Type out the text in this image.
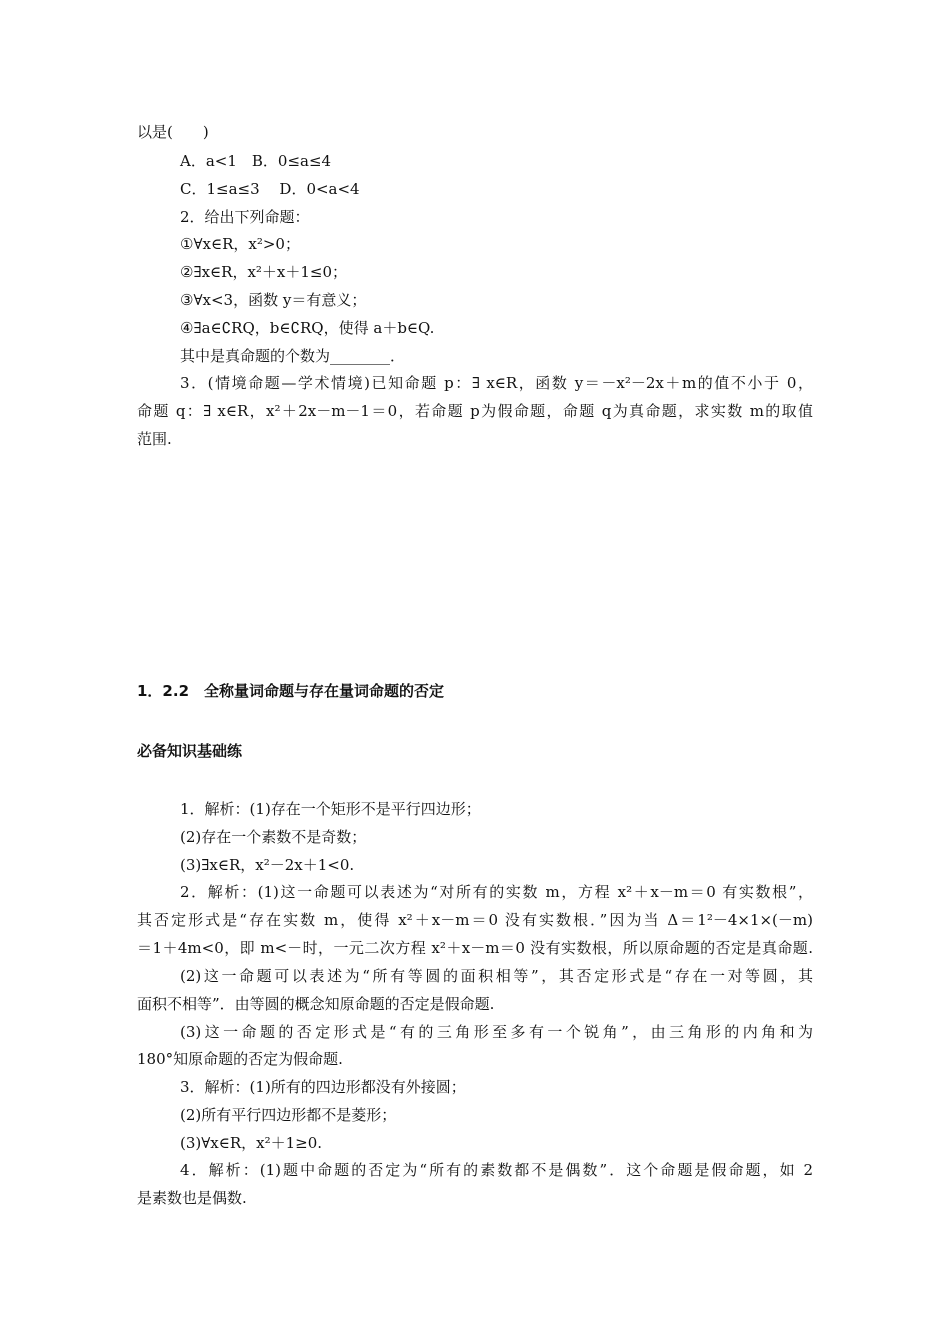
以是(　　)
A．a<1　B．0≤a≤4
C．1≤a≤3　 D．0<a<4
2．给出下列命题：
①∀x∈R，x²>0；
②∃x∈R，x²＋x＋1≤0；
③∀x<3，函数 y＝有意义；
④∃a∈∁RQ，b∈∁RQ，使得 a＋b∈Q.
其中是真命题的个数为________．
3．(情境命题—学术情境)已知命题 p：∃ x∈R，函数 y＝－x²－2x＋m的值不小于 0，
命题 q：∃ x∈R，x²＋2x－m－1＝0，若命题 p为假命题，命题 q为真命题，求实数 m的取值
范围.
1．2.2　全称量词命题与存在量词命题的否定
必备知识基础练
1．解析：(1)存在一个矩形不是平行四边形；
(2)存在一个素数不是奇数；
(3)∃x∈R，x²－2x＋1<0.
2．解析：(1)这一命题可以表述为“对所有的实数 m，方程 x²＋x－m＝0 有实数根”，
其否定形式是“存在实数 m，使得 x²＋x－m＝0 没有实数根．”因为当 Δ＝1²－4×1×(－m)
＝1＋4m<0，即 m<－时，一元二次方程 x²＋x－m＝0 没有实数根，所以原命题的否定是真命题.
(2)这一命题可以表述为“所有等圆的面积相等”，其否定形式是“存在一对等圆，其
面积不相等”．由等圆的概念知原命题的否定是假命题.
(3)这一命题的否定形式是“有的三角形至多有一个锐角”，由三角形的内角和为
180°知原命题的否定为假命题.
3．解析：(1)所有的四边形都没有外接圆；
(2)所有平行四边形都不是菱形；
(3)∀x∈R，x²＋1≥0.
4．解析：(1)题中命题的否定为“所有的素数都不是偶数”．这个命题是假命题，如 2
是素数也是偶数.
